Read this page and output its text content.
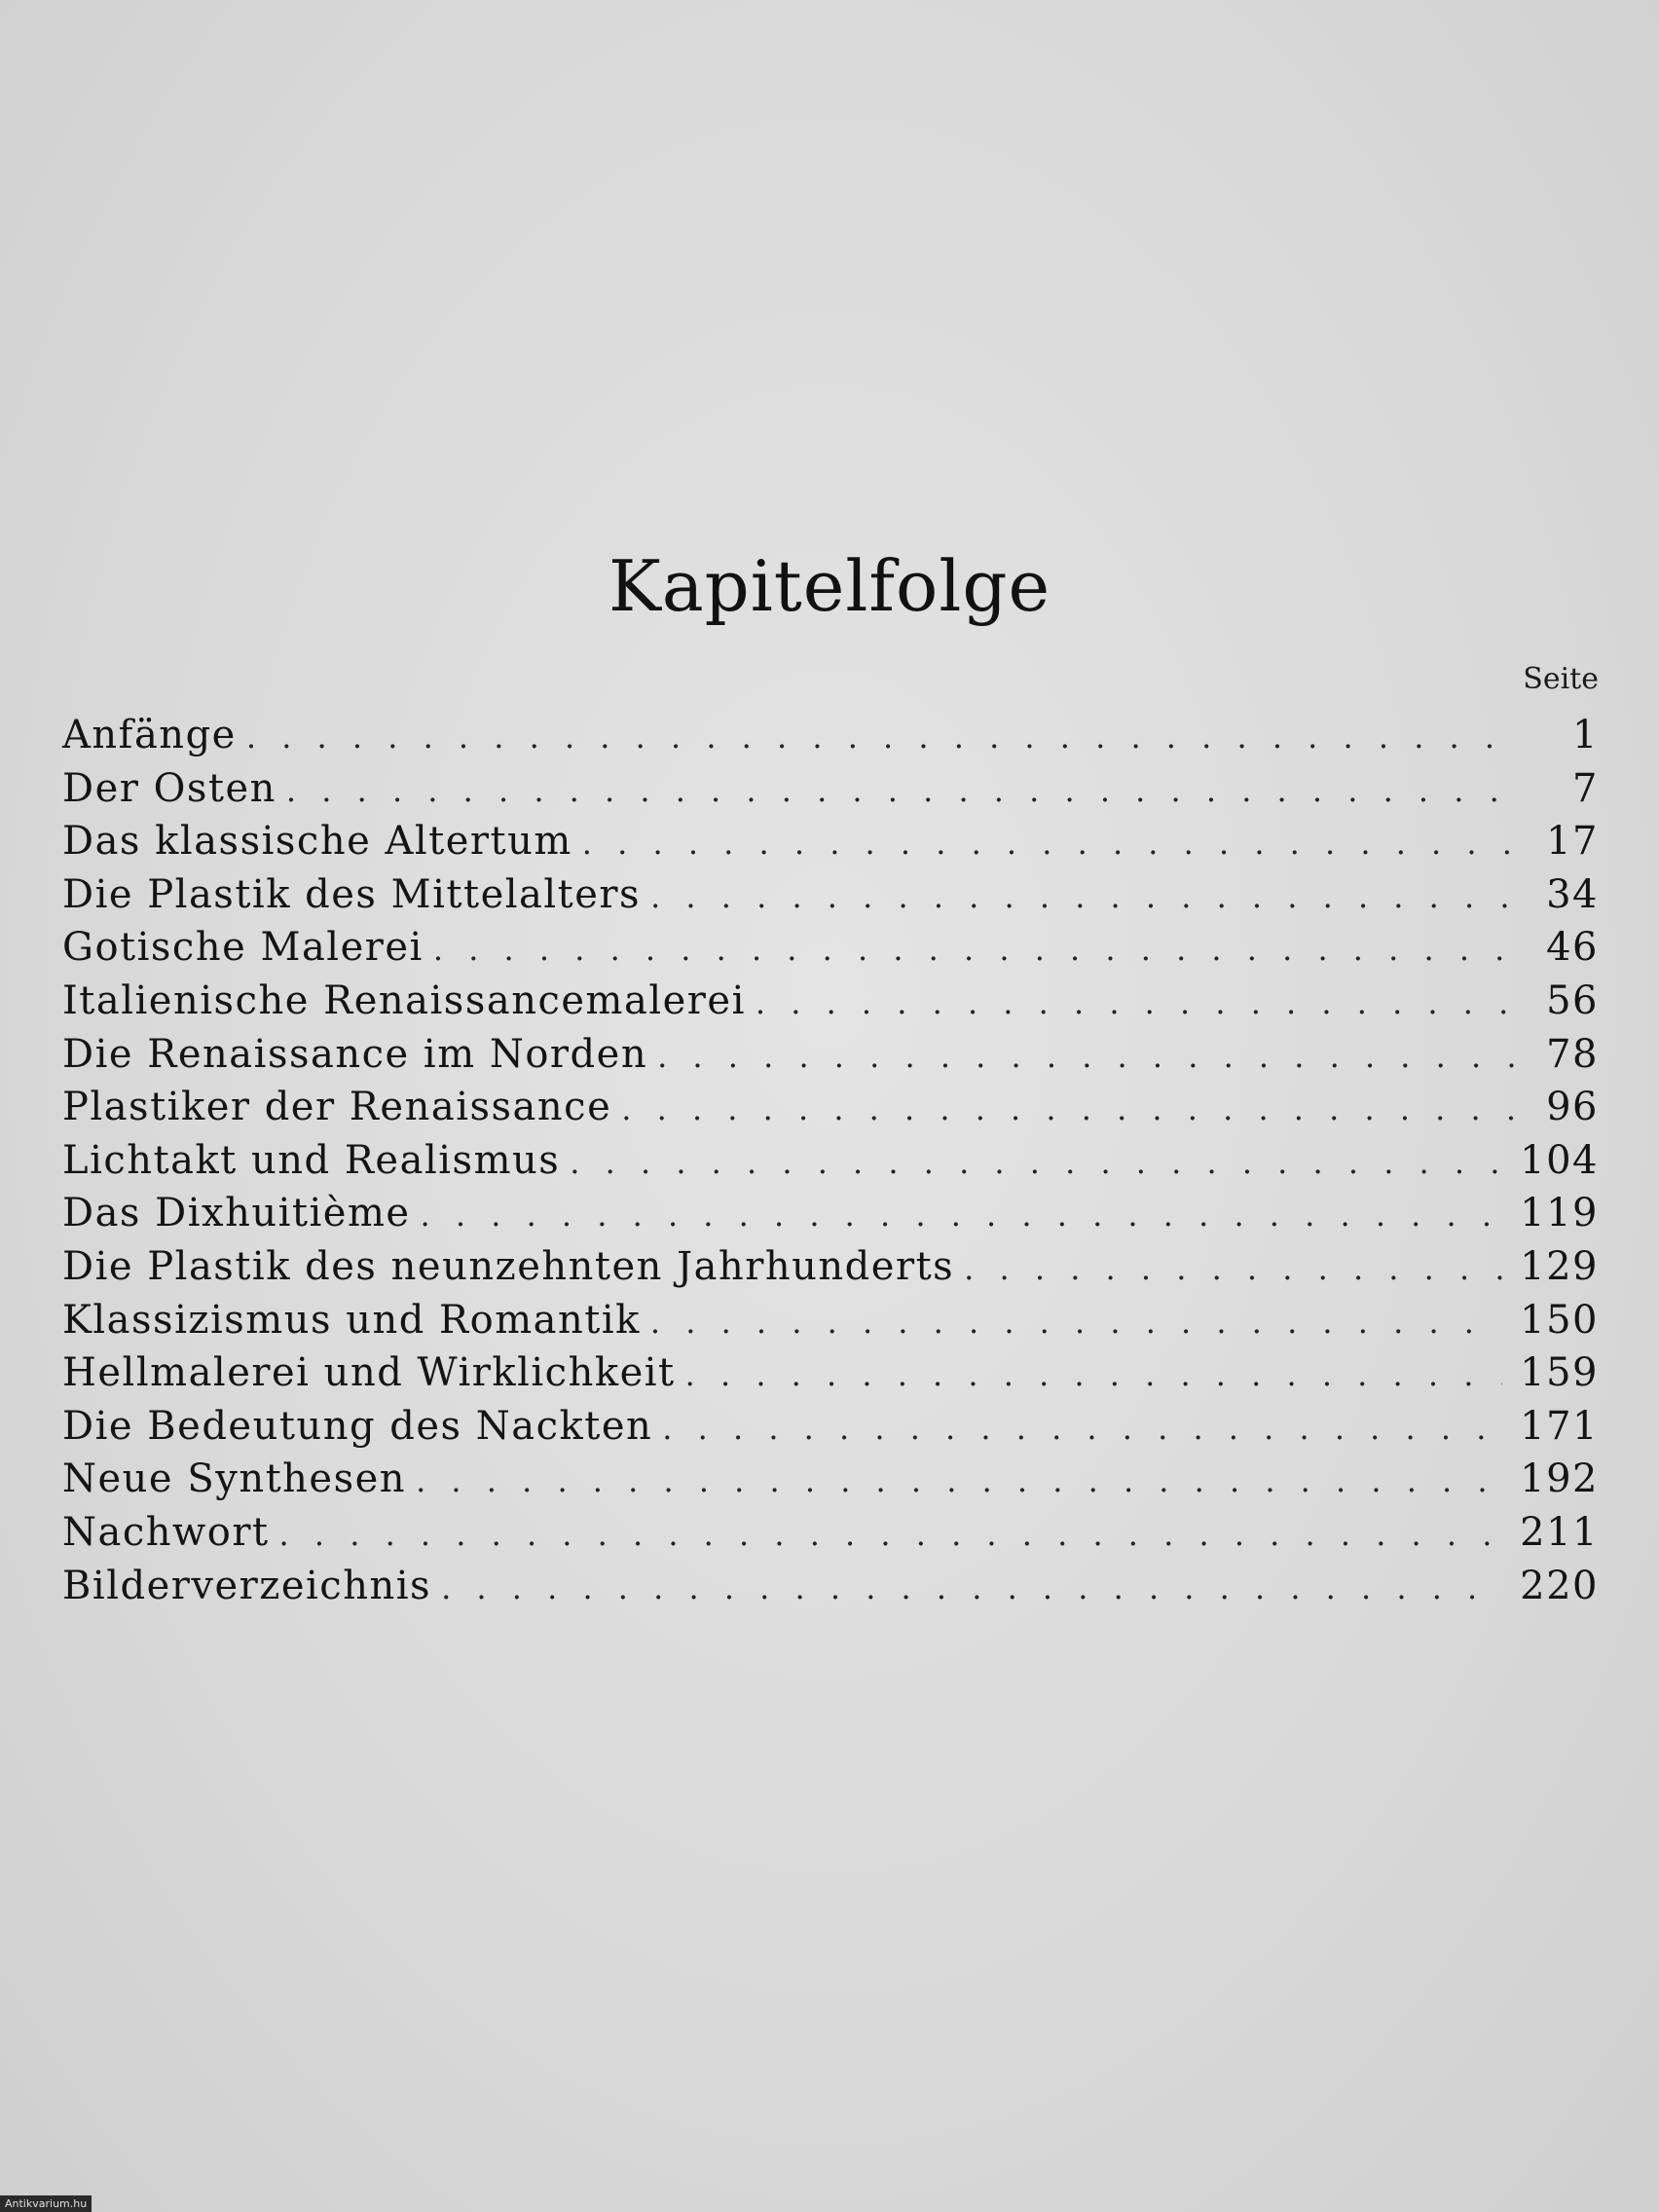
Kapitelfolge
Seite
Anfänge . . .	1
Der Osten . . .	7
Das klassische Altertum . . .	17
Die Plastik des Mittelalters . . .	34
Gotische Malerei . . .	46
Italienische Renaissancemalerei . . .	56
Die Renaissance im Norden . . .	78
Plastiker der Renaissance . . .	96
Lichtakt und Realismus . . .	104
Das Dixhuitième . . .	119
Die Plastik des neunzehnten Jahrhunderts . . .	129
Klassizismus und Romantik . . .	150
Hellmalerei und Wirklichkeit . . .	159
Die Bedeutung des Nackten . . .	171
Neue Synthesen . . .	192
Nachwort . . .	211
Bilderverzeichnis . . .	220
Antikvarium.hu
